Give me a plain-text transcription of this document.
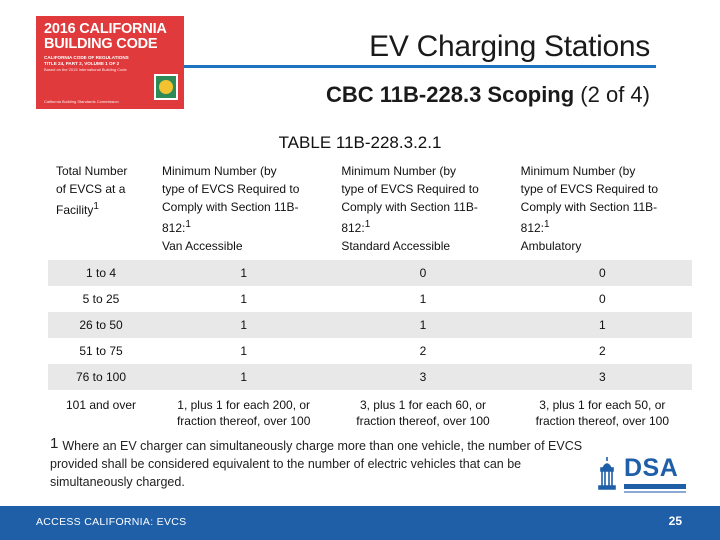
2016 CALIFORNIA
BUILDING CODE
CALIFORNIA CODE OF REGULATIONS
TITLE 24, PART 2, VOLUME 1 OF 2
Based on the 2015 International Building Code
California Building Standards Commission
EV Charging Stations
CBC 11B-228.3 Scoping (2 of 4)
TABLE 11B-228.3.2.1
Total Number
of EVCS at a
Facility$^1$	Minimum Number (by
type of EVCS Required to
Comply with Section 11B-
812:$^1$
Van Accessible	Minimum Number (by
type of EVCS Required to
Comply with Section 11B-
812:$^1$
Standard Accessible	Minimum Number (by
type of EVCS Required to
Comply with Section 11B-
812:$^1$
Ambulatory
1 to 4	1	0	0
5 to 25	1	1	0
26 to 50	1	1	1
51 to 75	1	2	2
76 to 100	1	3	3
101 and over	1, plus 1 for each 200, or
fraction thereof, over 100	3, plus 1 for each 60, or
fraction thereof, over 100	3, plus 1 for each 50, or
fraction thereof, over 100
1 Where an EV charger can simultaneously charge more than one vehicle, the number of EVCS provided shall be considered equivalent to the number of electric vehicles that can be simultaneously charged.	DSA
ACCESS CALIFORNIA: EVCS	25
